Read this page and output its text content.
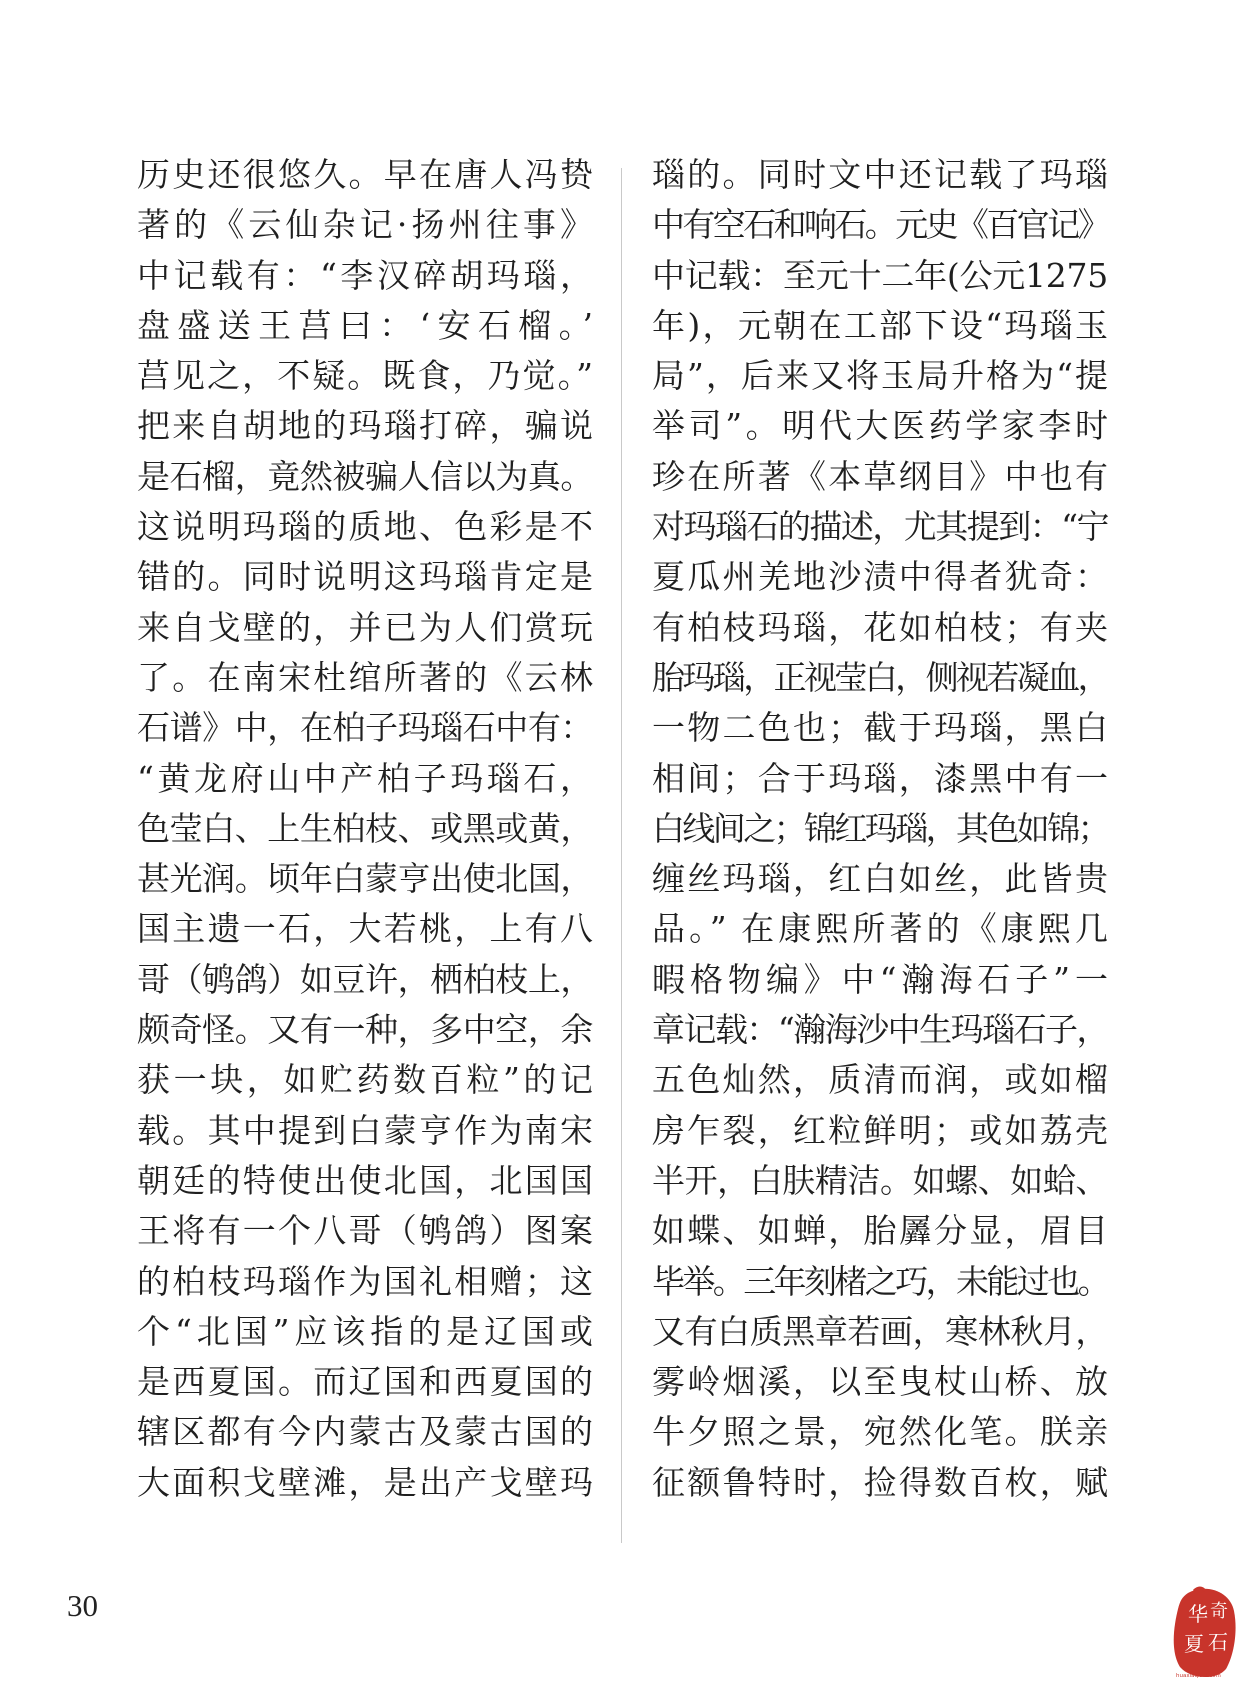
历史还很悠久。早在唐人冯贽
著的《云仙杂记·扬州往事》
中记载有：“李汉碎胡玛瑙，
盘盛送王莒曰：‘安石榴。’
莒见之，不疑。既食，乃觉。”
把来自胡地的玛瑙打碎，骗说
是石榴，竟然被骗人信以为真。
这说明玛瑙的质地、色彩是不
错的。同时说明这玛瑙肯定是
来自戈壁的，并已为人们赏玩
了。在南宋杜绾所著的《云林
石谱》中，在柏子玛瑙石中有：
“黄龙府山中产柏子玛瑙石，
色莹白、上生柏枝、或黑或黄，
甚光润。顷年白蒙亨出使北国，
国主遗一石，大若桃，上有八
哥（鸲鸽）如豆许，栖柏枝上，
颇奇怪。又有一种，多中空，余
获一块，如贮药数百粒”的记
载。其中提到白蒙亨作为南宋
朝廷的特使出使北国，北国国
王将有一个八哥（鸲鸽）图案
的柏枝玛瑙作为国礼相赠；这
个“北国”应该指的是辽国或
是西夏国。而辽国和西夏国的
辖区都有今内蒙古及蒙古国的
大面积戈壁滩，是出产戈壁玛
瑙的。同时文中还记载了玛瑙
中有空石和响石。元史《百官记》
中记载：至元十二年(公元1275
年)，元朝在工部下设“玛瑙玉
局”，后来又将玉局升格为“提
举司”。明代大医药学家李时
珍在所著《本草纲目》中也有
对玛瑙石的描述，尤其提到：“宁
夏瓜州羌地沙渍中得者犹奇：
有柏枝玛瑙，花如柏枝；有夹
胎玛瑙，正视莹白，侧视若凝血，
一物二色也；截于玛瑙，黑白
相间；合于玛瑙，漆黑中有一
白线间之；锦红玛瑙，其色如锦；
缠丝玛瑙，红白如丝，此皆贵
品。” 在康熙所著的《康熙几
暇格物编》中“瀚海石子”一
章记载：“瀚海沙中生玛瑙石子，
五色灿然，质清而润，或如榴
房乍裂，红粒鲜明；或如荔壳
半开，白肤精洁。如螺、如蛤、
如蝶、如蝉，胎羼分显，眉目
毕举。三年刻楮之巧，未能过也。
又有白质黑章若画，寒林秋月，
雾岭烟溪，以至曳杖山桥、放
牛夕照之景，宛然化笔。朕亲
征额鲁特时，捡得数百枚，赋
30	华 奇
夏 石
huaxiaqishi.com
